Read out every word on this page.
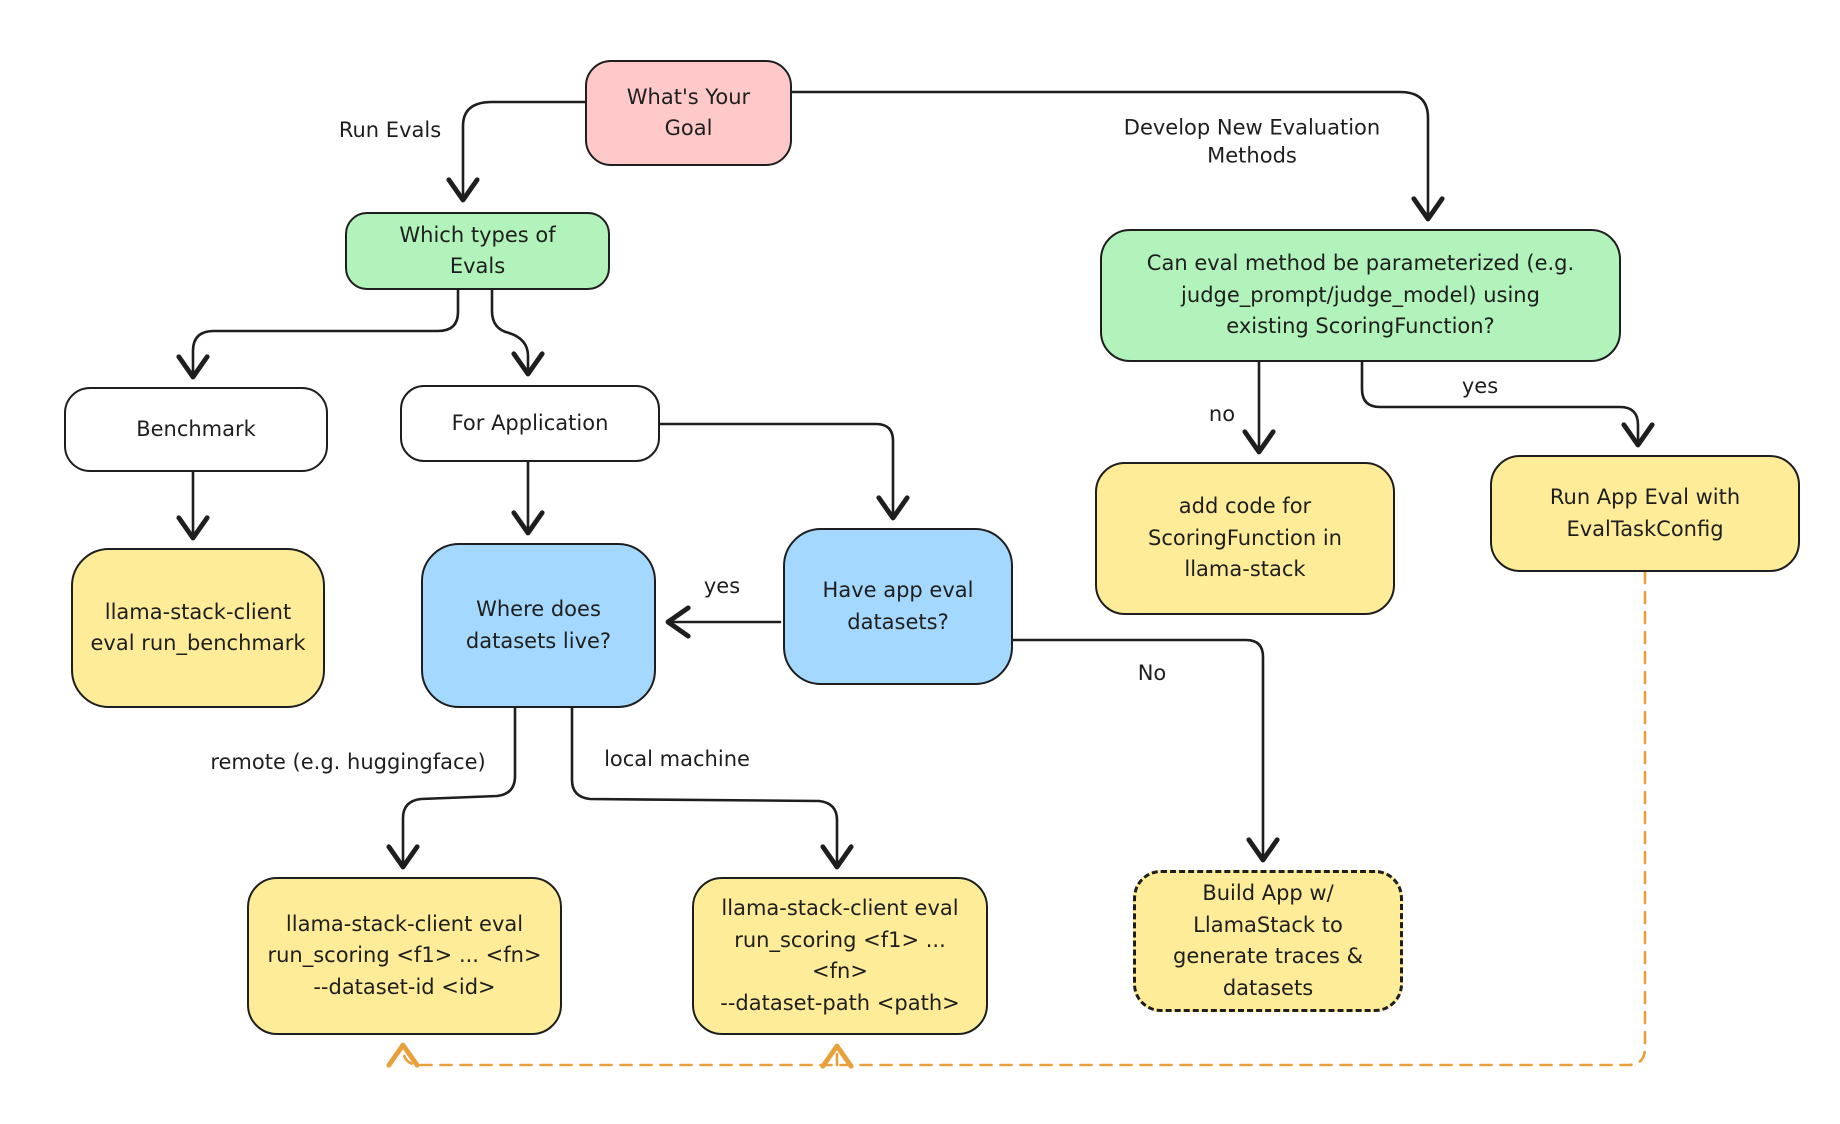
What's Your
Goal
Which types of
Evals	Can eval method be parameterized (e.g.
judge_prompt/judge_model) using
existing ScoringFunction?
Benchmark	For Application
llama-stack-client
eval run_benchmark
Where does
datasets live?
Have app eval
datasets?
add code for
ScoringFunction in
llama-stack
Run App Eval with
EvalTaskConfig
llama-stack-client eval
run_scoring <f1> ... <fn>
--dataset-id <id>
llama-stack-client eval
run_scoring <f1> ... <fn>
--dataset-path <path>
Build App w/
LlamaStack to
generate traces &
datasets
Run Evals	Develop New Evaluation
Methods
yes
No
no
yes
remote (e.g. huggingface)	local machine
